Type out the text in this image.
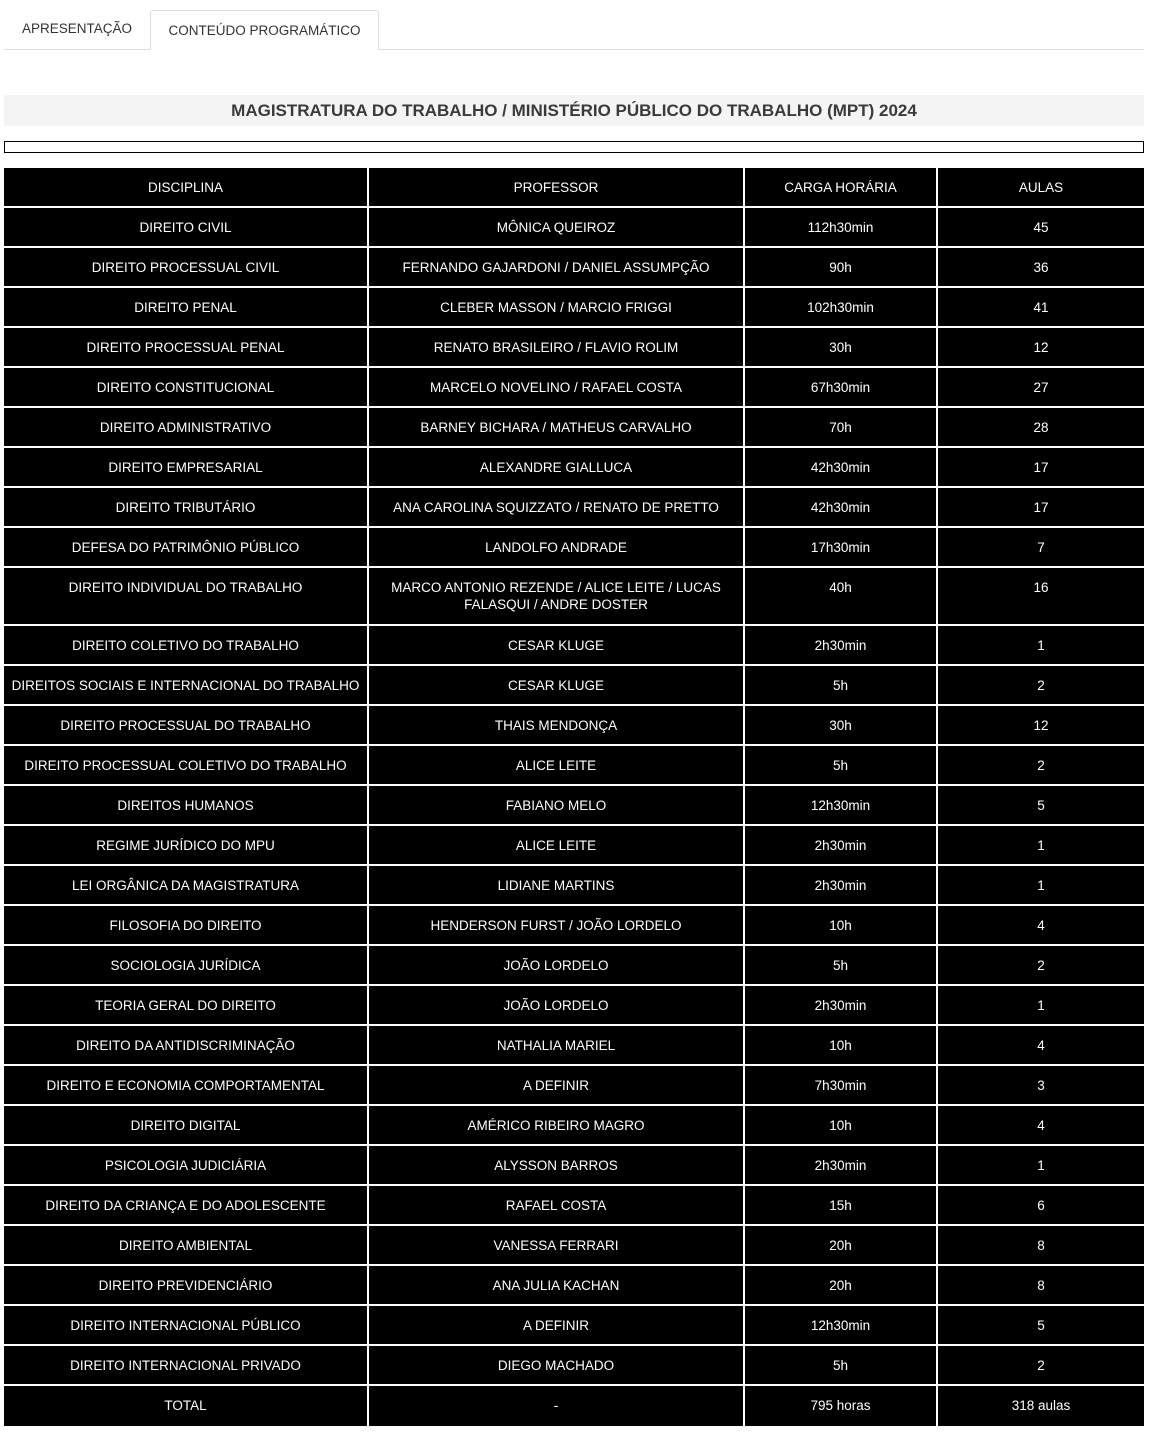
APRESENTAÇÃO	CONTEÚDO PROGRAMÁTICO
MAGISTRATURA DO TRABALHO / MINISTÉRIO PÚBLICO DO TRABALHO (MPT) 2024
DISCIPLINA	PROFESSOR	CARGA HORÁRIA	AULAS
DIREITO CIVIL	MÔNICA QUEIROZ	112h30min	45
DIREITO PROCESSUAL CIVIL	FERNANDO GAJARDONI / DANIEL ASSUMPÇÃO	90h	36
DIREITO PENAL	CLEBER MASSON / MARCIO FRIGGI	102h30min	41
DIREITO PROCESSUAL PENAL	RENATO BRASILEIRO / FLAVIO ROLIM	30h	12
DIREITO CONSTITUCIONAL	MARCELO NOVELINO / RAFAEL COSTA	67h30min	27
DIREITO ADMINISTRATIVO	BARNEY BICHARA / MATHEUS CARVALHO	70h	28
DIREITO EMPRESARIAL	ALEXANDRE GIALLUCA	42h30min	17
DIREITO TRIBUTÁRIO	ANA CAROLINA SQUIZZATO / RENATO DE PRETTO	42h30min	17
DEFESA DO PATRIMÔNIO PÚBLICO	LANDOLFO ANDRADE	17h30min	7
DIREITO INDIVIDUAL DO TRABALHO	MARCO ANTONIO REZENDE / ALICE LEITE / LUCAS FALASQUI / ANDRE DOSTER	40h	16
DIREITO COLETIVO DO TRABALHO	CESAR KLUGE	2h30min	1
DIREITOS SOCIAIS E INTERNACIONAL DO TRABALHO	CESAR KLUGE	5h	2
DIREITO PROCESSUAL DO TRABALHO	THAIS MENDONÇA	30h	12
DIREITO PROCESSUAL COLETIVO DO TRABALHO	ALICE LEITE	5h	2
DIREITOS HUMANOS	FABIANO MELO	12h30min	5
REGIME JURÍDICO DO MPU	ALICE LEITE	2h30min	1
LEI ORGÂNICA DA MAGISTRATURA	LIDIANE MARTINS	2h30min	1
FILOSOFIA DO DIREITO	HENDERSON FURST / JOÃO LORDELO	10h	4
SOCIOLOGIA JURÍDICA	JOÃO LORDELO	5h	2
TEORIA GERAL DO DIREITO	JOÃO LORDELO	2h30min	1
DIREITO DA ANTIDISCRIMINAÇÃO	NATHALIA MARIEL	10h	4
DIREITO E ECONOMIA COMPORTAMENTAL	A DEFINIR	7h30min	3
DIREITO DIGITAL	AMÉRICO RIBEIRO MAGRO	10h	4
PSICOLOGIA JUDICIÁRIA	ALYSSON BARROS	2h30min	1
DIREITO DA CRIANÇA E DO ADOLESCENTE	RAFAEL COSTA	15h	6
DIREITO AMBIENTAL	VANESSA FERRARI	20h	8
DIREITO PREVIDENCIÁRIO	ANA JULIA KACHAN	20h	8
DIREITO INTERNACIONAL PÚBLICO	A DEFINIR	12h30min	5
DIREITO INTERNACIONAL PRIVADO	DIEGO MACHADO	5h	2
TOTAL	-	795 horas	318 aulas
